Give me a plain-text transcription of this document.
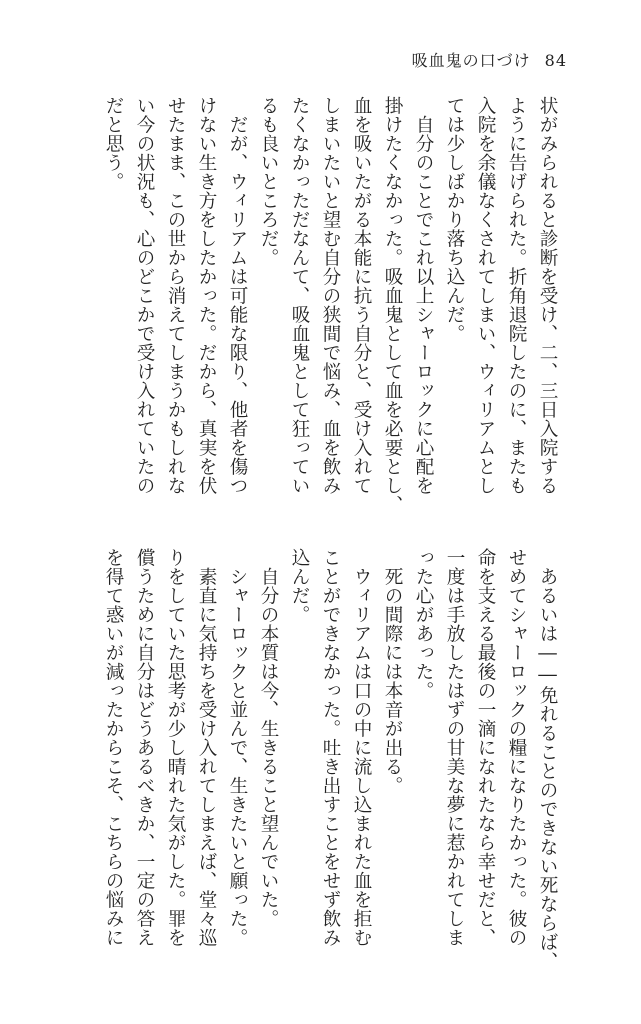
吸血鬼の口づけ 84
状がみられると診断を受け、二、三日入院する
ように告げられた。折角退院したのに、またも
入院を余儀なくされてしまい、ウィリアムとし
ては少しばかり落ち込んだ。
　自分のことでこれ以上シャーロックに心配を
掛けたくなかった。吸血鬼として血を必要とし、
血を吸いたがる本能に抗う自分と、受け入れて
しまいたいと望む自分の狭間で悩み、血を飲み
たくなかっただなんて、吸血鬼として狂ってい
るも良いところだ。
　だが、ウィリアムは可能な限り、他者を傷つ
けない生き方をしたかった。だから、真実を伏
せたまま、この世から消えてしまうかもしれな
い今の状況も、心のどこかで受け入れていたの
だと思う。
　あるいは――免れることのできない死ならば、
せめてシャーロックの糧になりたかった。彼の
命を支える最後の一滴になれたなら幸せだと、
一度は手放したはずの甘美な夢に惹かれてしま
った心があった。
　死の間際には本音が出る。
　ウィリアムは口の中に流し込まれた血を拒む
ことができなかった。吐き出すことをせず飲み
込んだ。
　自分の本質は今、生きること望んでいた。
　シャーロックと並んで、生きたいと願った。
　素直に気持ちを受け入れてしまえば、堂々巡
りをしていた思考が少し晴れた気がした。罪を
償うために自分はどうあるべきか、一定の答え
を得て惑いが減ったからこそ、こちらの悩みに
